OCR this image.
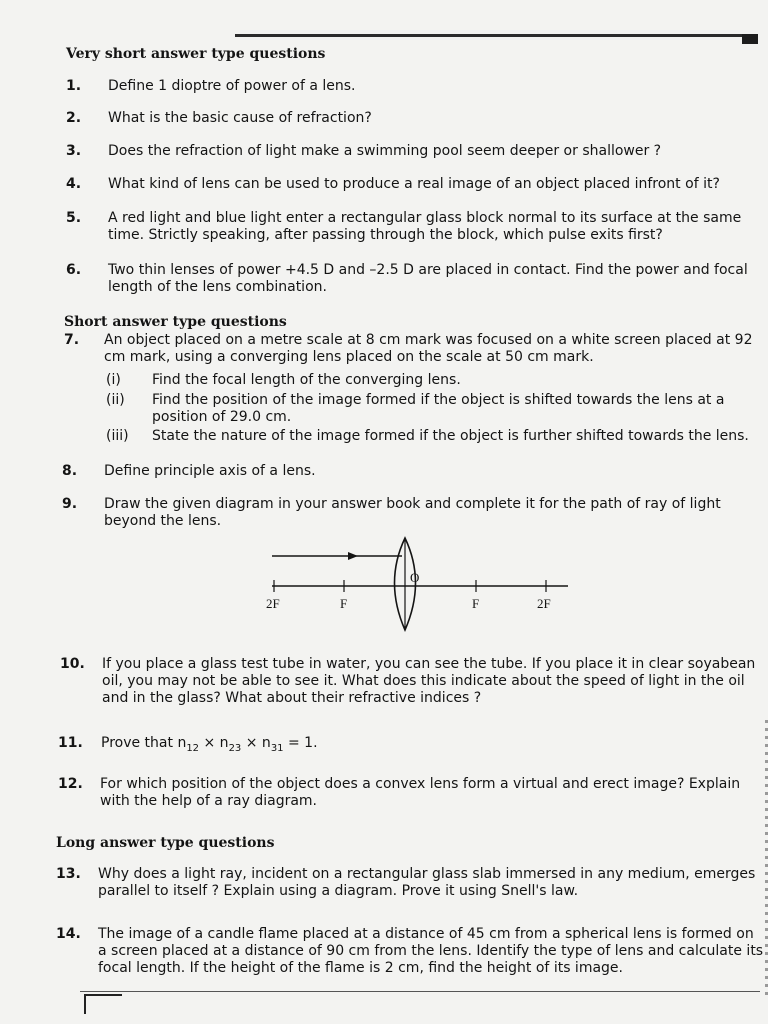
Very short answer type questions
1. Define 1 dioptre of power of a lens.
2. What is the basic cause of refraction?
3. Does the refraction of light make a swimming pool seem deeper or shallower ?
4. What kind of lens can be used to produce a real image of an object placed infront of it?
5. A red light and blue light enter a rectangular glass block normal to its surface at the same time. Strictly speaking, after passing through the block, which pulse exits first?
6. Two thin lenses of power +4.5 D and –2.5 D are placed in contact. Find the power and focal length of the lens combination.
Short answer type questions
7. An object placed on a metre scale at 8 cm mark was focused on a white screen placed at 92 cm mark, using a converging lens placed on the scale at 50 cm mark.
(i) Find the focal length of the converging lens.
(ii) Find the position of the image formed if the object is shifted towards the lens at a position of 29.0 cm.
(iii) State the nature of the image formed if the object is further shifted towards the lens.
8. Define principle axis of a lens.
9. Draw the given diagram in your answer book and complete it for the path of ray of light beyond the lens.
O
2F	F	F	2F
10. If you place a glass test tube in water, you can see the tube. If you place it in clear soyabean oil, you may not be able to see it. What does this indicate about the speed of light in the oil and in the glass? What about their refractive indices ?
11. Prove that $n_{12} \times n_{23} \times n_{31} = 1$.
12. For which position of the object does a convex lens form a virtual and erect image? Explain with the help of a ray diagram.
Long answer type questions
13. Why does a light ray, incident on a rectangular glass slab immersed in any medium, emerges parallel to itself ? Explain using a diagram. Prove it using Snell's law.
14. The image of a candle flame placed at a distance of 45 cm from a spherical lens is formed on a screen placed at a distance of 90 cm from the lens. Identify the type of lens and calculate its focal length. If the height of the flame is 2 cm, find the height of its image.
